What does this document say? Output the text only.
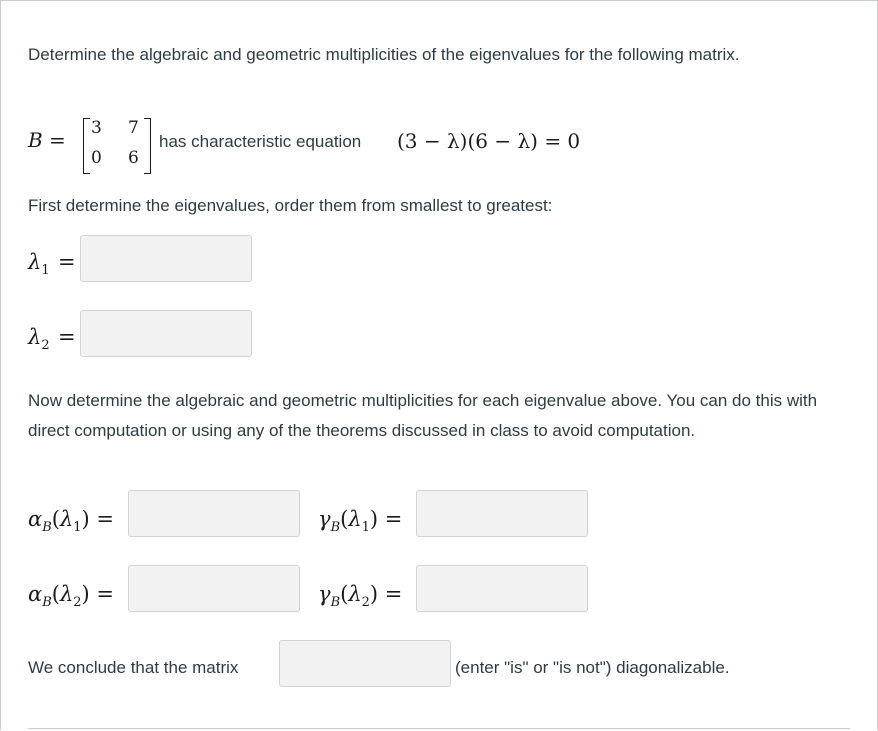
Determine the algebraic and geometric multiplicities of the eigenvalues for the following matrix.

B = 3 7
0 6
has characteristic equation (3 − λ)(6 − λ) = 0

First determine the eigenvalues, order them from smallest to greatest:

$\lambda_1$ =
$\lambda_2$ =

Now determine the algebraic and geometric multiplicities for each eigenvalue above. You can do this with direct computation or using any of the theorems discussed in class to avoid computation.

$\alpha_B(\lambda_1)$ =	$\gamma_B(\lambda_1)$ =
$\alpha_B(\lambda_2)$ =	$\gamma_B(\lambda_2)$ =
We conclude that the matrix	(enter "is" or "is not") diagonalizable.
